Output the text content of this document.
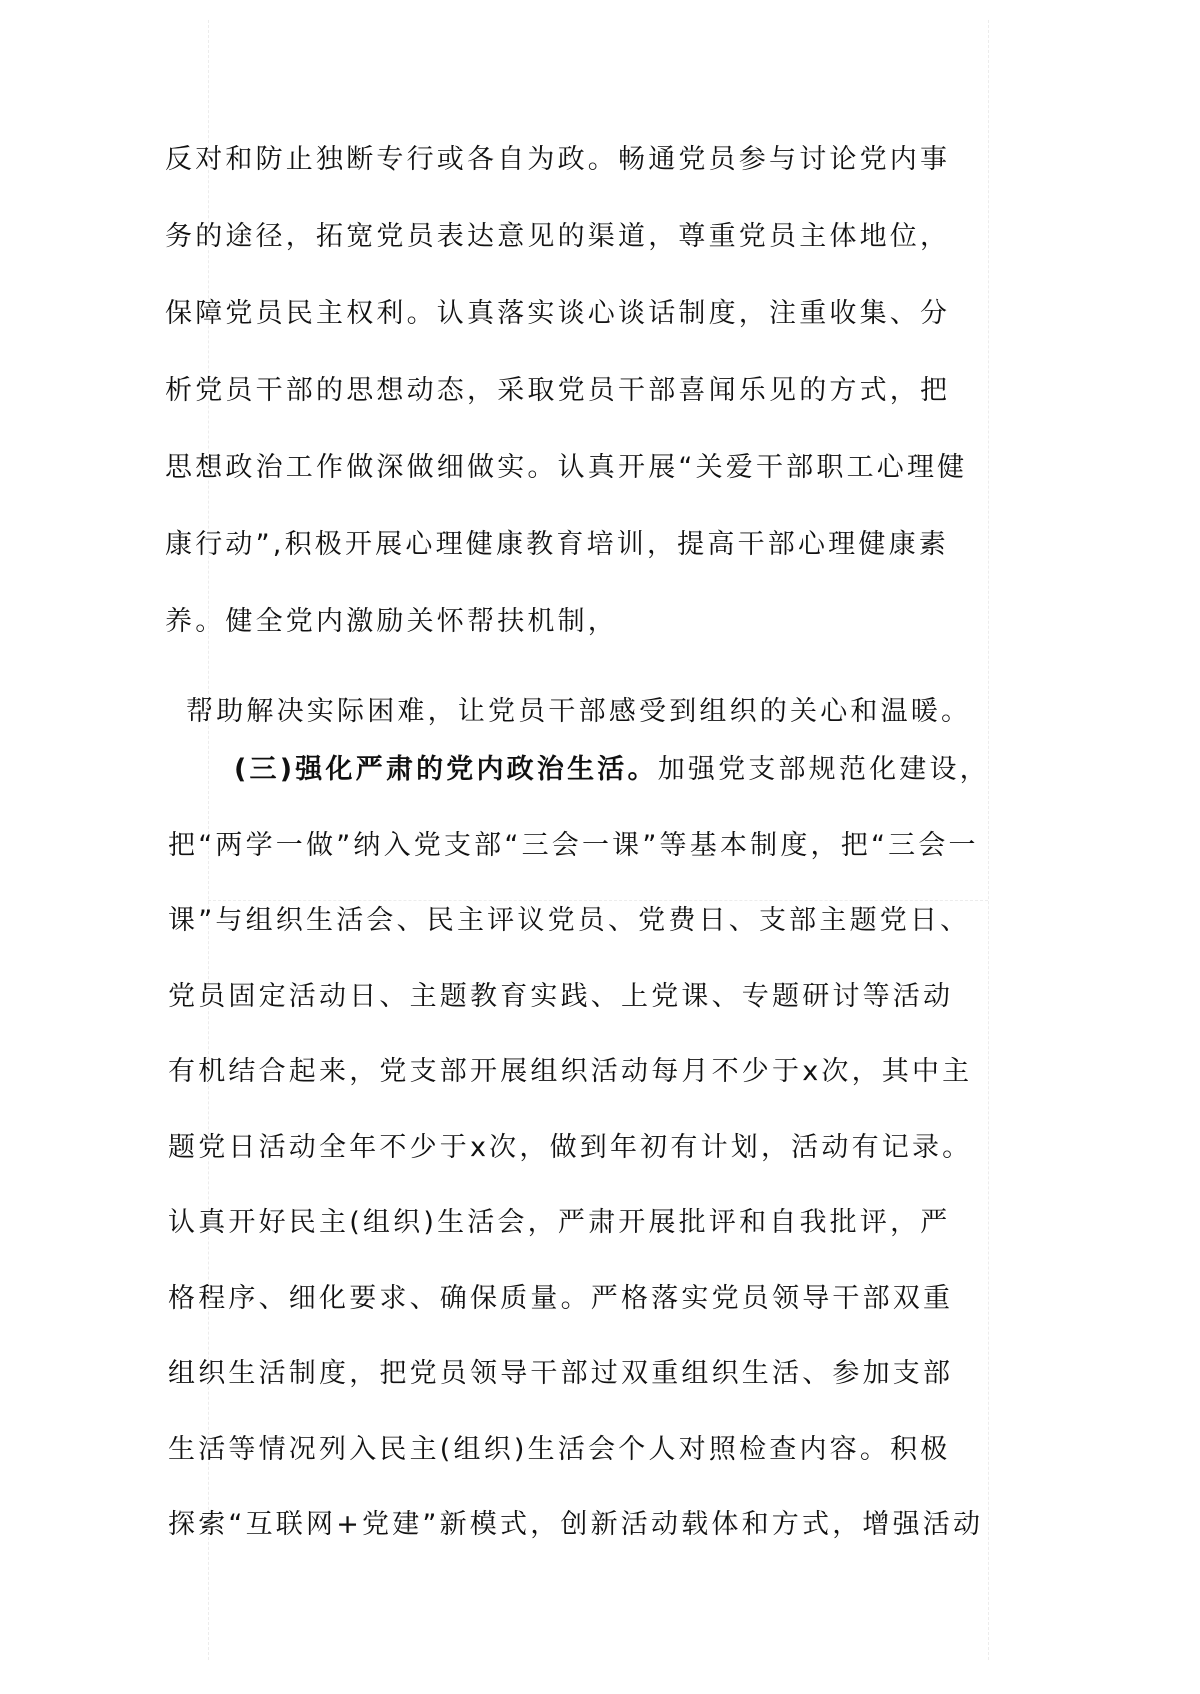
反对和防止独断专行或各自为政。畅通党员参与讨论党内事
务的途径，拓宽党员表达意见的渠道，尊重党员主体地位，
保障党员民主权利。认真落实谈心谈话制度，注重收集、分
析党员干部的思想动态，采取党员干部喜闻乐见的方式，把
思想政治工作做深做细做实。认真开展“关爱干部职工心理健
康行动”,积极开展心理健康教育培训，提高干部心理健康素
养。健全党内激励关怀帮扶机制，
帮助解决实际困难，让党员干部感受到组织的关心和温暖。
(三)强化严肃的党内政治生活。加强党支部规范化建设，
把“两学一做”纳入党支部“三会一课”等基本制度，把“三会一
课”与组织生活会、民主评议党员、党费日、支部主题党日、
党员固定活动日、主题教育实践、上党课、专题研讨等活动
有机结合起来，党支部开展组织活动每月不少于x次，其中主
题党日活动全年不少于x次，做到年初有计划，活动有记录。
认真开好民主(组织)生活会，严肃开展批评和自我批评，严
格程序、细化要求、确保质量。严格落实党员领导干部双重
组织生活制度，把党员领导干部过双重组织生活、参加支部
生活等情况列入民主(组织)生活会个人对照检查内容。积极
探索“互联网+党建”新模式，创新活动载体和方式，增强活动
